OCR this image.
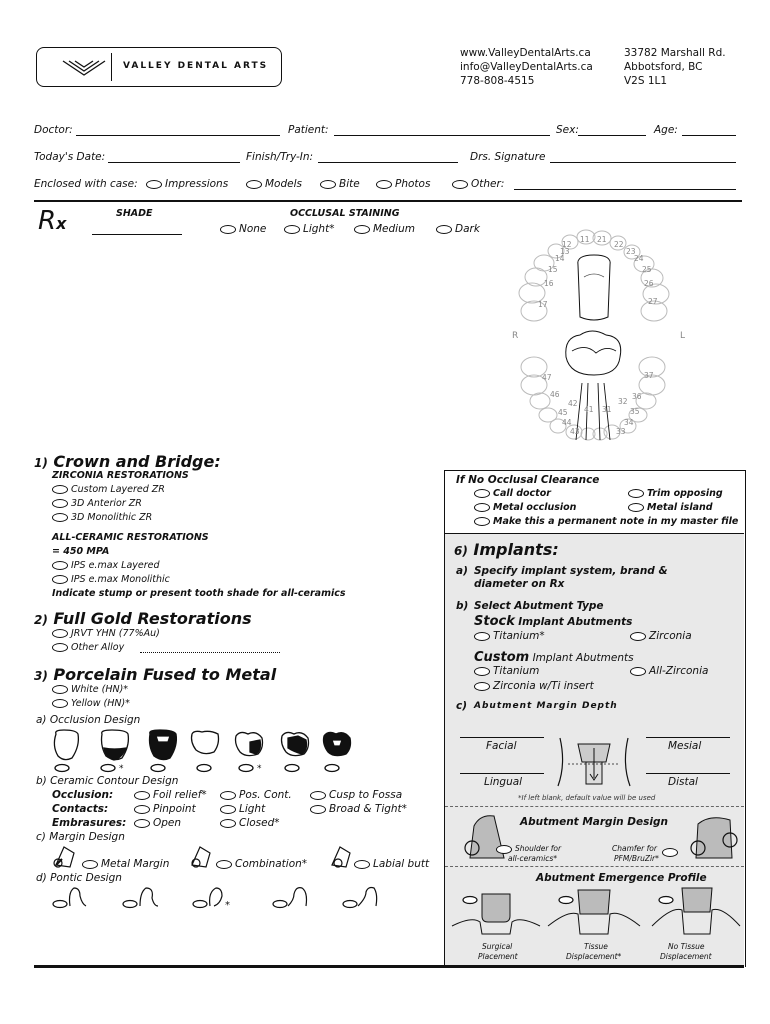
VALLEY DENTAL ARTS
www.ValleyDentalArts.ca
info@ValleyDentalArts.ca
778-808-4515
33782 Marshall Rd.
Abbotsford, BC
V2S 1L1
Doctor:	Patient:	Sex:	Age:
Today's Date:	Finish/Try-In:	Drs. Signature
Enclosed with case:	Impressions	Models	Bite	Photos	Other:
Rx
SHADE	OCCLUSAL STAINING
None	Light*	Medium	Dark
11 21
12	22
13	23
14	24
15	25
16	26
17	27
R	L
47	37
46	36
45	35
44	34
43	33
42	32
41 31
1) Crown and Bridge:
ZIRCONIA RESTORATIONS
Custom Layered ZR
3D Anterior ZR
3D Monolithic ZR
ALL-CERAMIC RESTORATIONS
= 450 MPA
IPS e.max Layered
IPS e.max Monolithic
Indicate stump or present tooth shade for all-ceramics
2) Full Gold Restorations
JRVT YHN (77%Au)
Other Alloy
3) Porcelain Fused to Metal
White (HN)*
Yellow (HN)*
a) Occlusion Design
*	*
b) Ceramic Contour Design
Occlusion:	Foil relief*	Pos. Cont.	Cusp to Fossa
Contacts:	Pinpoint	Light	Broad & Tight*
Embrasures:	Open	Closed*
c) Margin Design
Metal Margin	Combination*	Labial butt
d) Pontic Design
*
If No Occlusal Clearance
Call doctor	Trim opposing
Metal occlusion	Metal island
Make this a permanent note in my master file
6) Implants:
a) Specify implant system, brand &
diameter on Rx
b) Select Abutment Type
Stock Implant Abutments
Titanium*	Zirconia
Custom Implant Abutments
Titanium	All-Zirconia
Zirconia w/Ti insert
c) Abutment Margin Depth
Facial	Mesial
Lingual	Distal
*If left blank, default value will be used
Abutment Margin Design
Shoulder for
all-ceramics*
Chamfer for
PFM/BruZir*
Abutment Emergence Profile
Surgical
Placement
Tissue
Displacement*
No Tissue
Displacement
